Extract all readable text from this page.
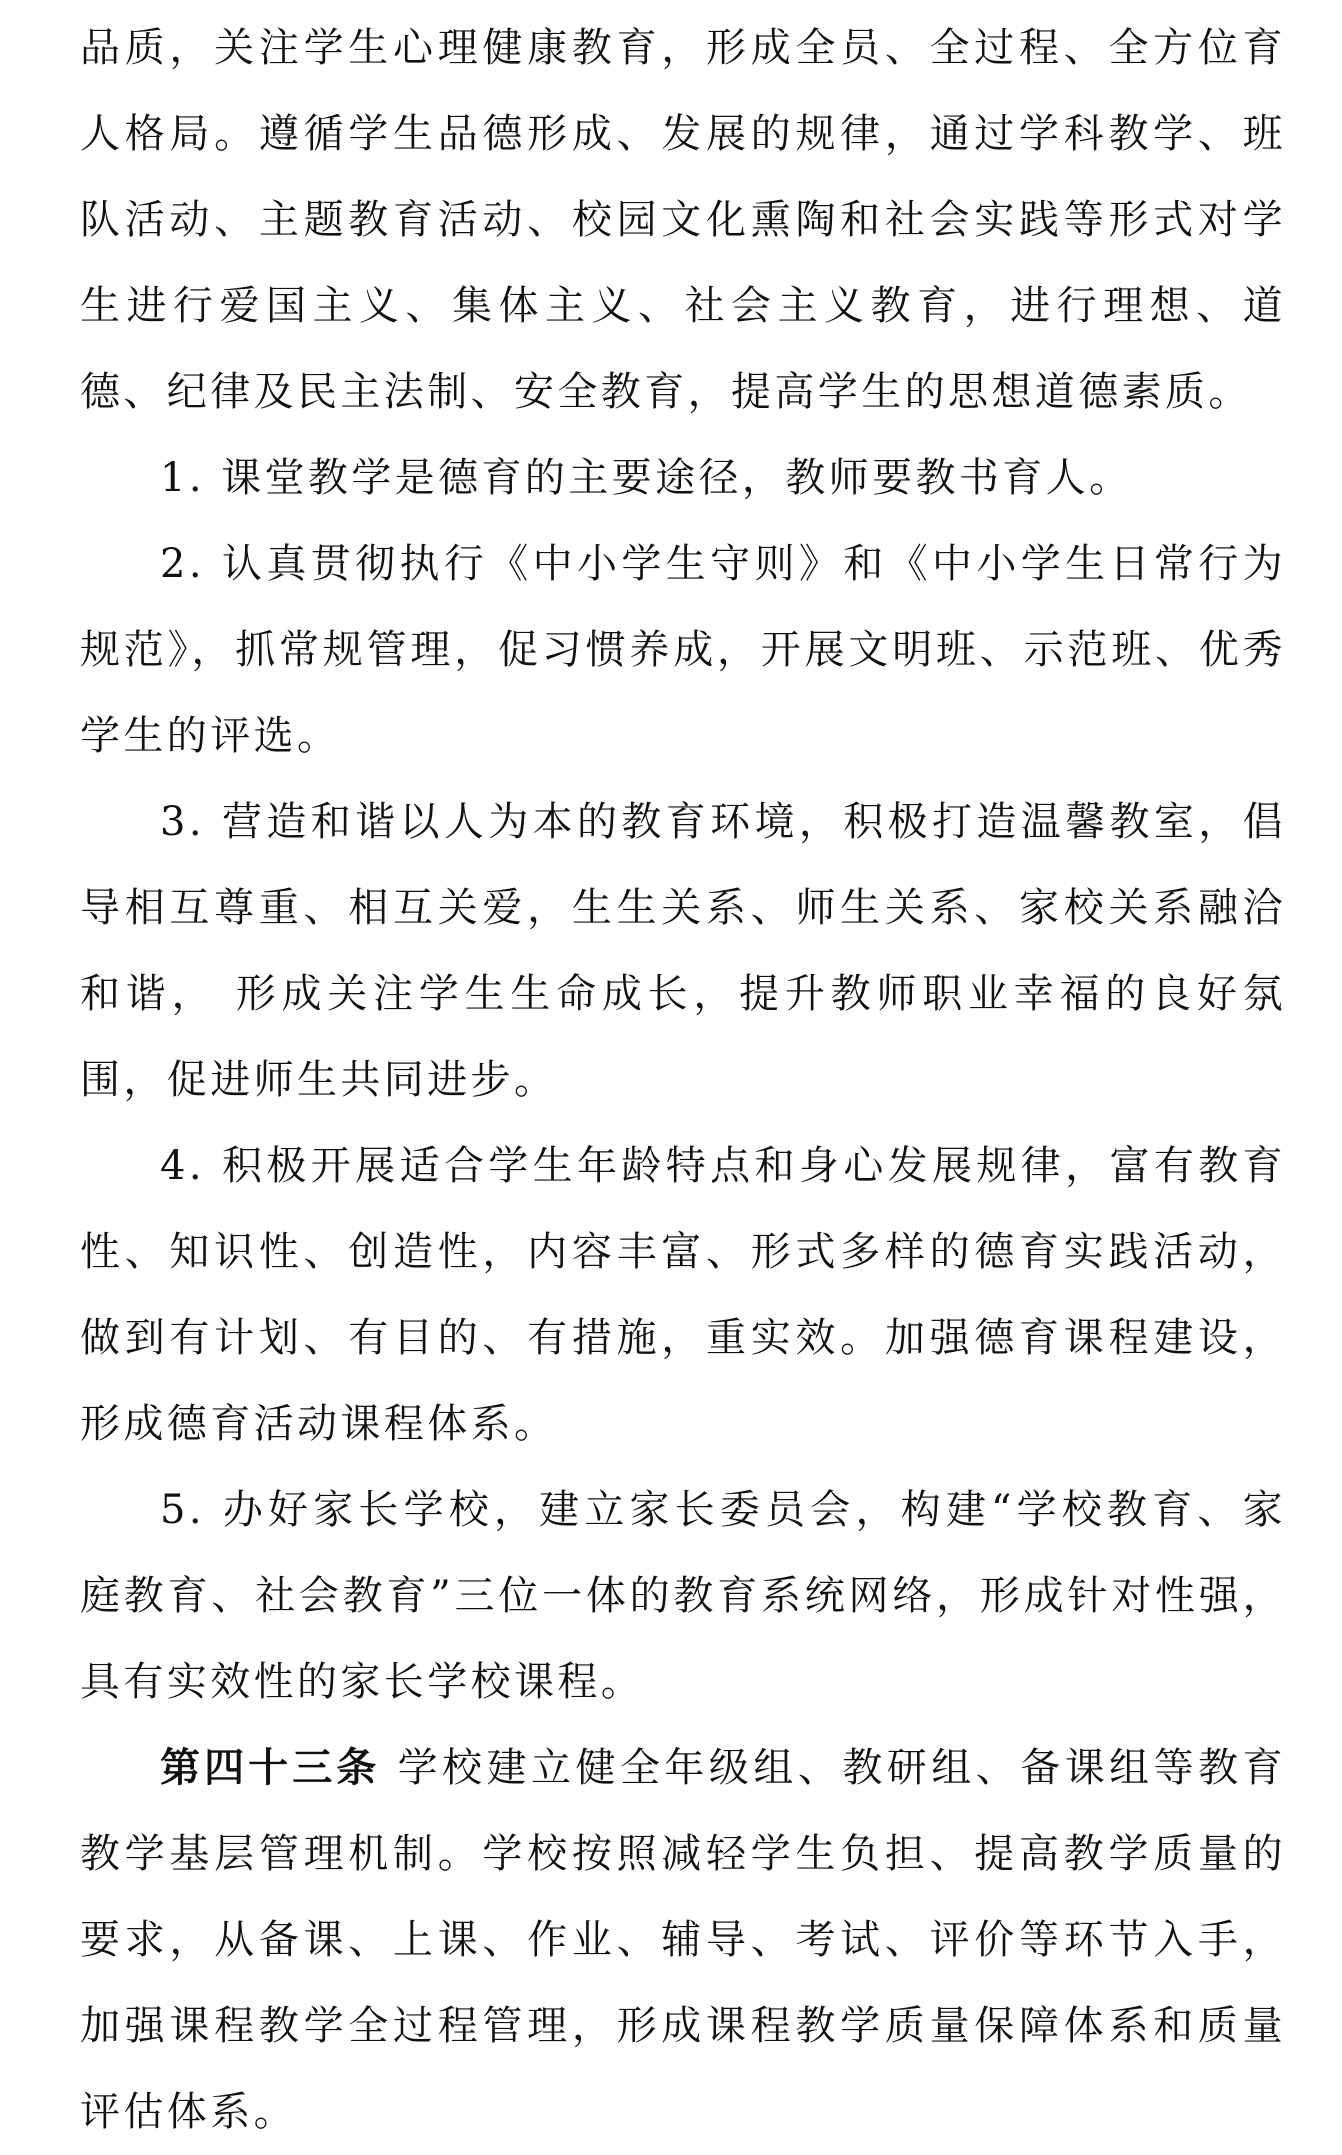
品质，关注学生心理健康教育，形成全员、全过程、全方位育人格局。遵循学生品德形成、发展的规律，通过学科教学、班队活动、主题教育活动、校园文化熏陶和社会实践等形式对学生进行爱国主义、集体主义、社会主义教育，进行理想、道德、纪律及民主法制、安全教育，提高学生的思想道德素质。

1. 课堂教学是德育的主要途径，教师要教书育人。

2. 认真贯彻执行《中小学生守则》和《中小学生日常行为规范》，抓常规管理，促习惯养成，开展文明班、示范班、优秀学生的评选。

3. 营造和谐以人为本的教育环境，积极打造温馨教室，倡导相互尊重、相互关爱，生生关系、师生关系、家校关系融洽和谐， 形成关注学生生命成长，提升教师职业幸福的良好氛围，促进师生共同进步。

4. 积极开展适合学生年龄特点和身心发展规律，富有教育性、知识性、创造性，内容丰富、形式多样的德育实践活动，做到有计划、有目的、有措施，重实效。加强德育课程建设，形成德育活动课程体系。

5. 办好家长学校，建立家长委员会，构建“学校教育、家庭教育、社会教育”三位一体的教育系统网络，形成针对性强，具有实效性的家长学校课程。

第四十三条 学校建立健全年级组、教研组、备课组等教育教学基层管理机制。学校按照减轻学生负担、提高教学质量的要求，从备课、上课、作业、辅导、考试、评价等环节入手，加强课程教学全过程管理，形成课程教学质量保障体系和质量评估体系。
